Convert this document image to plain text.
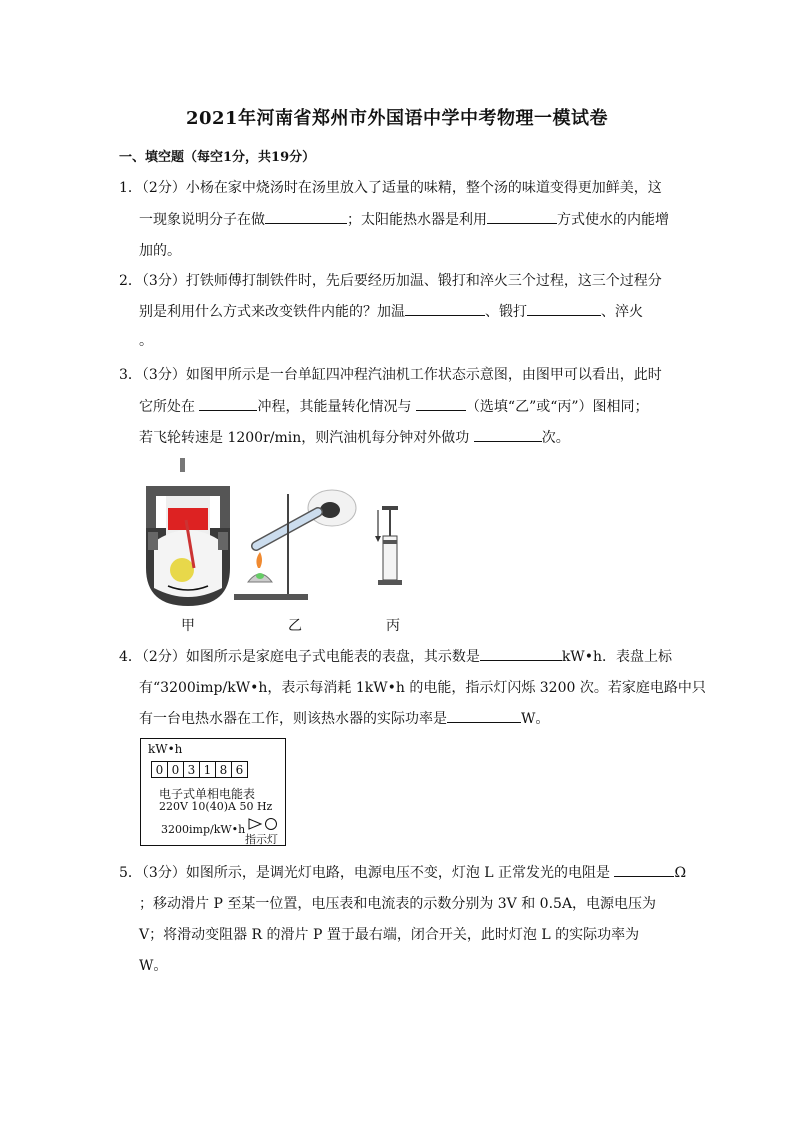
2021年河南省郑州市外国语中学中考物理一模试卷
一、填空题（每空1分，共19分）
1．（2分）小杨在家中烧汤时在汤里放入了适量的味精，整个汤的味道变得更加鲜美，这
一现象说明分子在做	；太阳能热水器是利用	方式使水的内能增
加的。
2．（3分）打铁师傅打制铁件时，先后要经历加温、锻打和淬火三个过程，这三个过程分
别是利用什么方式来改变铁件内能的？加温	、锻打	、淬火
。
3．（3分）如图甲所示是一台单缸四冲程汽油机工作状态示意图，由图甲可以看出，此时
它所处在	冲程，其能量转化情况与	（选填“乙”或“丙”）图相同；
若飞轮转速是 1200r/min，则汽油机每分钟对外做功	次。
甲	乙	丙
4．（2分）如图所示是家庭电子式电能表的表盘，其示数是	kW•h．表盘上标
有“3200imp/kW•h，表示每消耗 1kW•h 的电能，指示灯闪烁 3200 次。若家庭电路中只
有一台电热水器在工作，则该热水器的实际功率是	W。
kW•h
0 0 3 1 8 6
电子式单相电能表
220V 10(40)A 50 Hz
3200imp/kW•h
指示灯
5．（3分）如图所示，是调光灯电路，电源电压不变，灯泡 L 正常发光的电阻是	Ω
；移动滑片 P 至某一位置，电压表和电流表的示数分别为 3V 和 0.5A，电源电压为
V；将滑动变阻器 R 的滑片 P 置于最右端，闭合开关，此时灯泡 L 的实际功率为
W。
